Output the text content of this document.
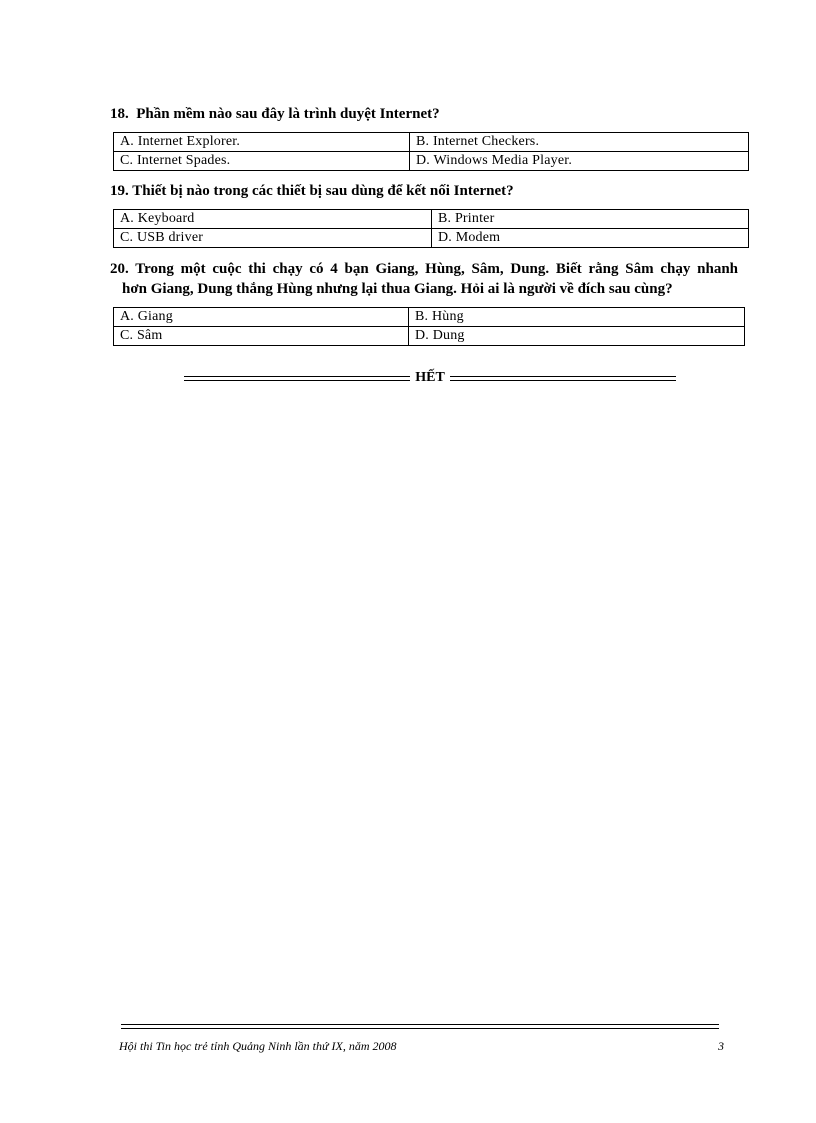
18. Phần mềm nào sau đây là trình duyệt Internet?
A. Internet Explorer.	B. Internet Checkers.
C. Internet Spades.	D. Windows Media Player.
19. Thiết bị nào trong các thiết bị sau dùng để kết nối Internet?
A. Keyboard	B. Printer
C. USB driver	D. Modem
20. Trong một cuộc thi chạy có 4 bạn Giang, Hùng, Sâm, Dung. Biết rằng Sâm chạy nhanh
hơn Giang, Dung thắng Hùng nhưng lại thua Giang. Hỏi ai là người về đích sau cùng?
A. Giang	B. Hùng
C. Sâm	D. Dung
HẾT
Hội thi Tin học trẻ tỉnh Quảng Ninh lần thứ IX, năm 2008	3
